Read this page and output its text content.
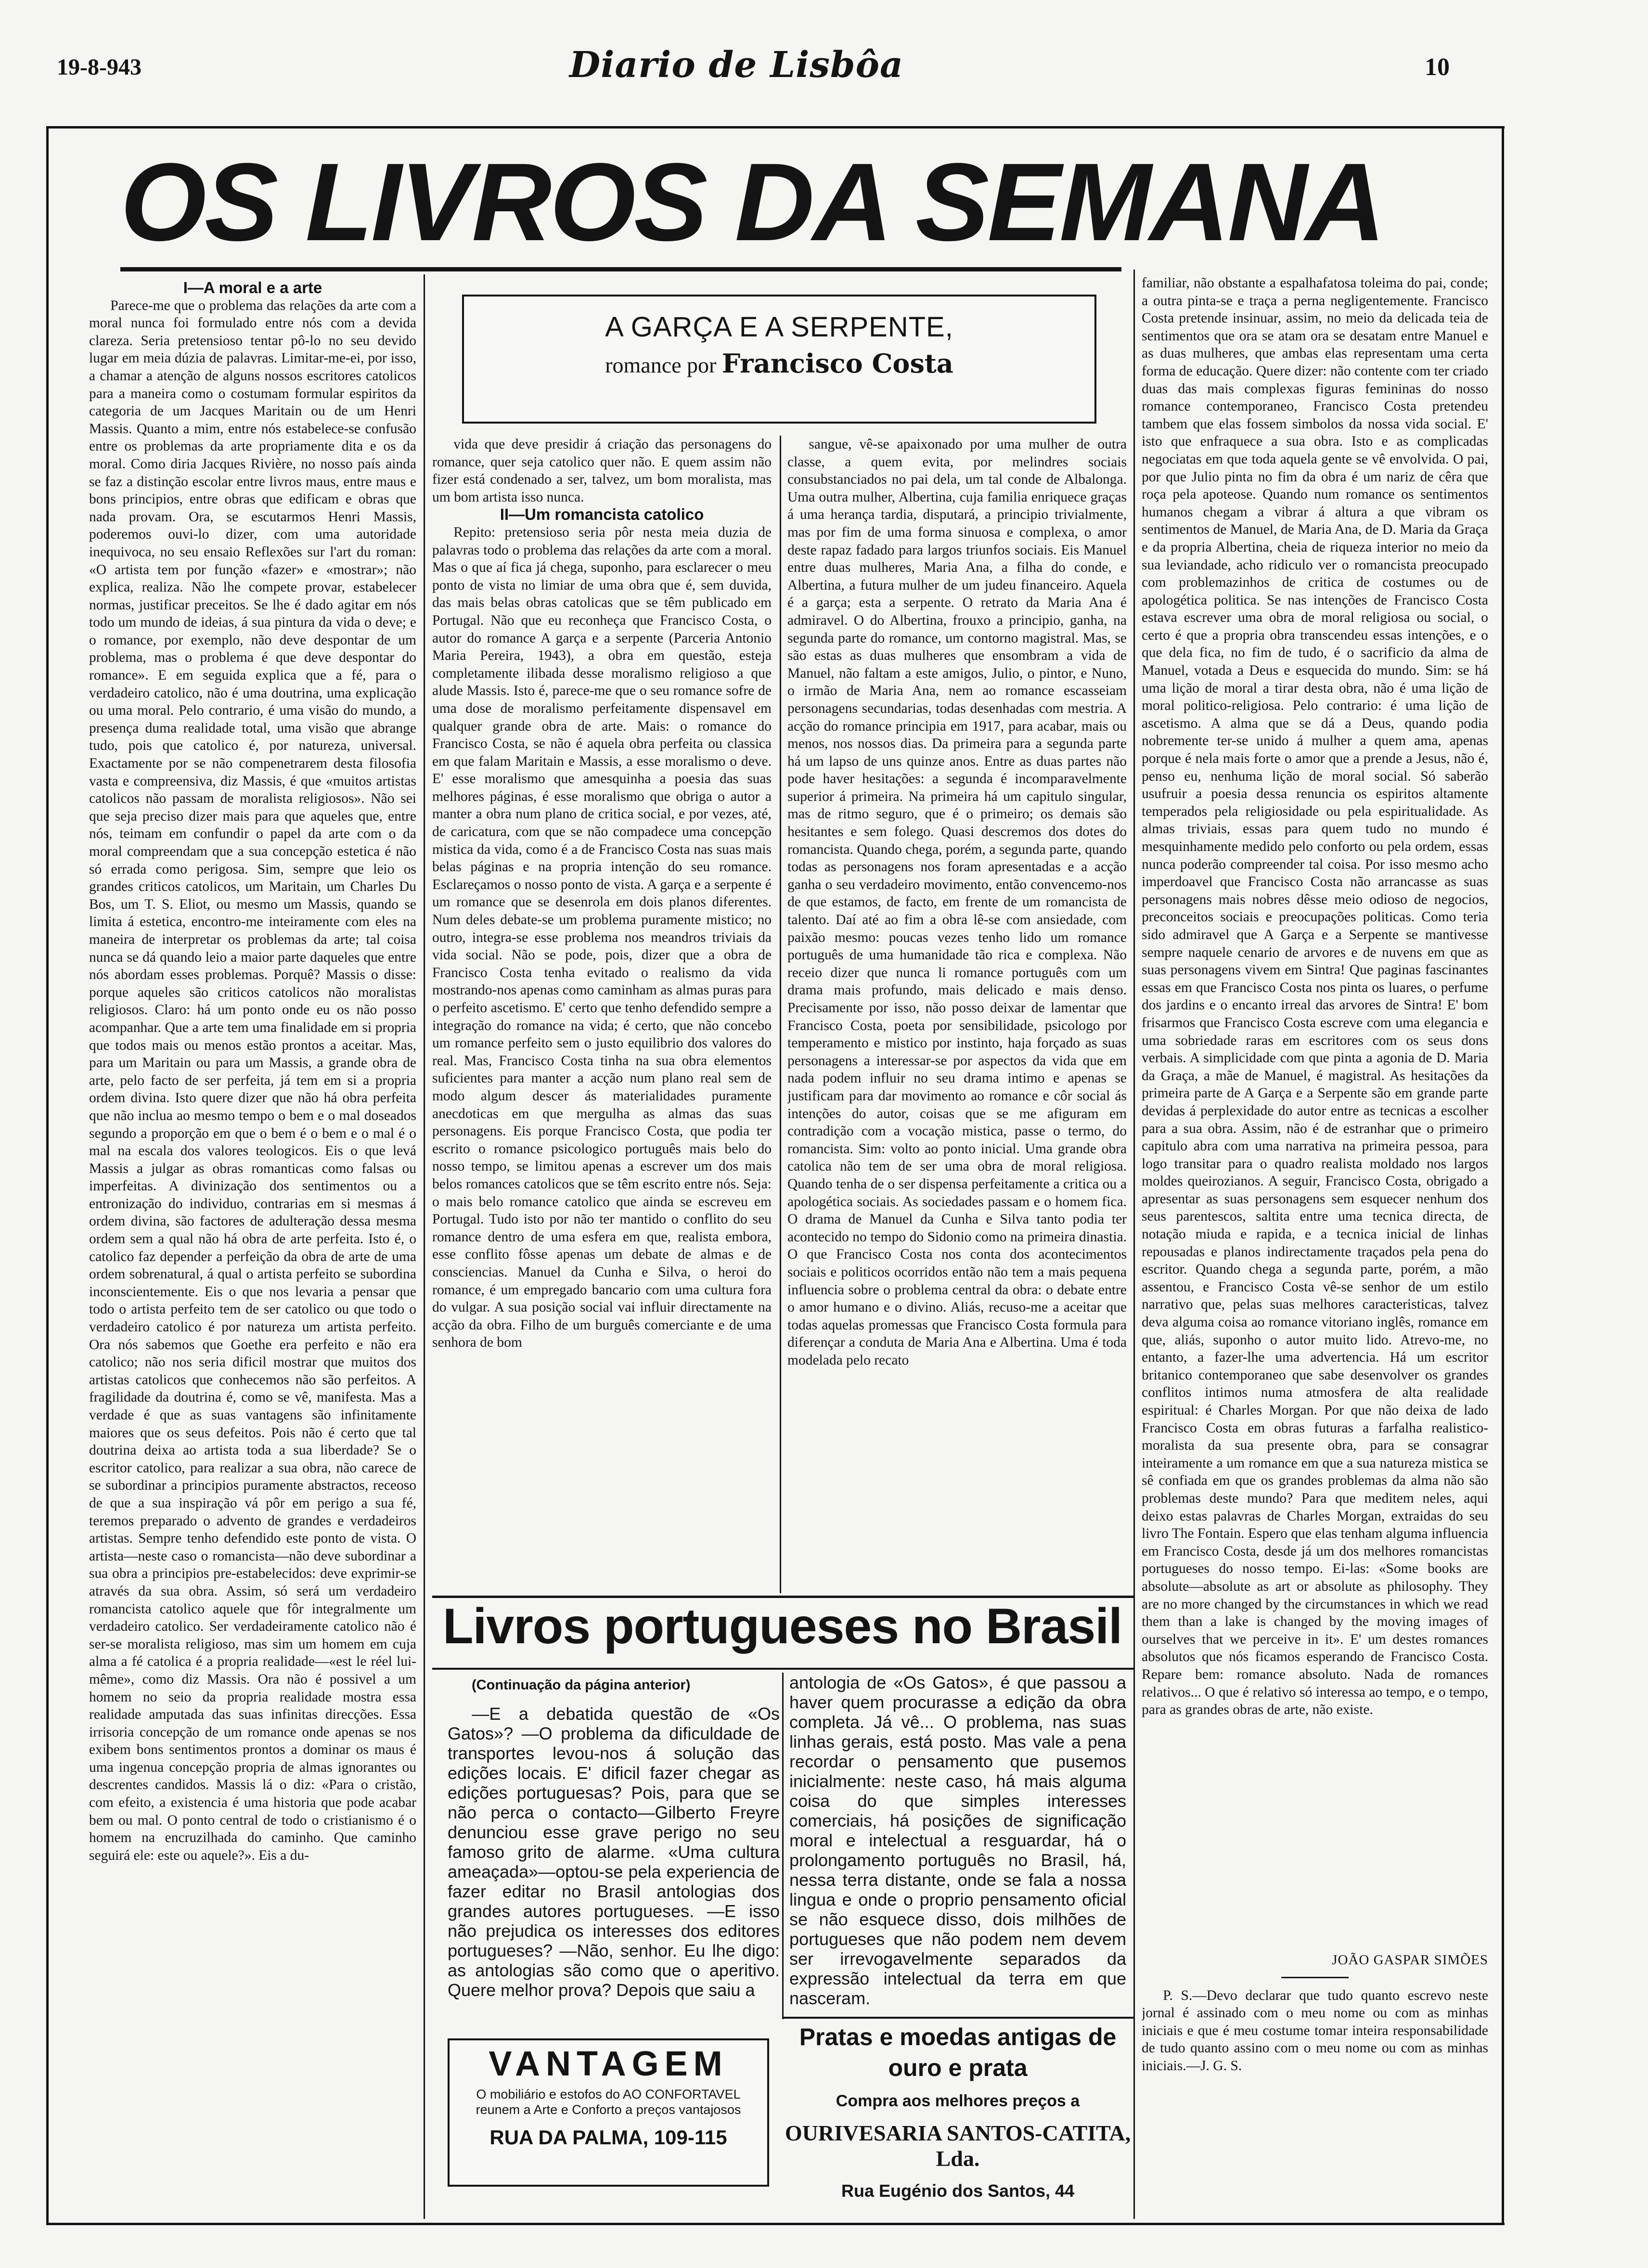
19-8-943	Diario de Lisbôa	10
OS LIVROS DA SEMANA
A GARÇA E A SERPENTE,
romance por Francisco Costa

I—A moral e a arte

Parece-me que o problema das relações da arte com a moral nunca foi formulado entre nós com a devida clareza. Seria pretensioso tentar pô-lo no seu devido lugar em meia dúzia de palavras. Limitar-me-ei, por isso, a chamar a atenção de alguns nossos escritores catolicos para a maneira como o costumam formular espiritos da categoria de um Jacques Maritain ou de um Henri Massis. Quanto a mim, entre nós estabelece-se confusão entre os problemas da arte propriamente dita e os da moral. Como diria Jacques Rivière, no nosso país ainda se faz a distinção escolar entre livros maus, entre maus e bons principios, entre obras que edificam e obras que nada provam. Ora, se escutarmos Henri Massis, poderemos ouvi-lo dizer, com uma autoridade inequivoca, no seu ensaio Reflexões sur l'art du roman: «O artista tem por função «fazer» e «mostrar»; não explica, realiza. Não lhe compete provar, estabelecer normas, justificar preceitos. Se lhe é dado agitar em nós todo um mundo de ideias, á sua pintura da vida o deve; e o romance, por exemplo, não deve despontar de um problema, mas o problema é que deve despontar do romance». E em seguida explica que a fé, para o verdadeiro catolico, não é uma doutrina, uma explicação ou uma moral. Pelo contrario, é uma visão do mundo, a presença duma realidade total, uma visão que abrange tudo, pois que catolico é, por natureza, universal. Exactamente por se não compenetrarem desta filosofia vasta e compreensiva, diz Massis, é que «muitos artistas catolicos não passam de moralista religiosos». Não sei que seja preciso dizer mais para que aqueles que, entre nós, teimam em confundir o papel da arte com o da moral compreendam que a sua concepção estetica é não só errada como perigosa. Sim, sempre que leio os grandes criticos catolicos, um Maritain, um Charles Du Bos, um T. S. Eliot, ou mesmo um Massis, quando se limita á estetica, encontro-me inteiramente com eles na maneira de interpretar os problemas da arte; tal coisa nunca se dá quando leio a maior parte daqueles que entre nós abordam esses problemas. Porquê? Massis o disse: porque aqueles são criticos catolicos não moralistas religiosos. Claro: há um ponto onde eu os não posso acompanhar. Que a arte tem uma finalidade em si propria que todos mais ou menos estão prontos a aceitar. Mas, para um Maritain ou para um Massis, a grande obra de arte, pelo facto de ser perfeita, já tem em si a propria ordem divina. Isto quere dizer que não há obra perfeita que não inclua ao mesmo tempo o bem e o mal doseados segundo a proporção em que o bem é o bem e o mal é o mal na escala dos valores teologicos. Eis o que levá Massis a julgar as obras romanticas como falsas ou imperfeitas. A divinização dos sentimentos ou a entronização do individuo, contrarias em si mesmas á ordem divina, são factores de adulteração dessa mesma ordem sem a qual não há obra de arte perfeita. Isto é, o catolico faz depender a perfeição da obra de arte de uma ordem sobrenatural, á qual o artista perfeito se subordina inconscientemente. Eis o que nos levaria a pensar que todo o artista perfeito tem de ser catolico ou que todo o verdadeiro catolico é por natureza um artista perfeito. Ora nós sabemos que Goethe era perfeito e não era catolico; não nos seria dificil mostrar que muitos dos artistas catolicos que conhecemos não são perfeitos. A fragilidade da doutrina é, como se vê, manifesta. Mas a verdade é que as suas vantagens são infinitamente maiores que os seus defeitos. Pois não é certo que tal doutrina deixa ao artista toda a sua liberdade? Se o escritor catolico, para realizar a sua obra, não carece de se subordinar a principios puramente abstractos, receoso de que a sua inspiração vá pôr em perigo a sua fé, teremos preparado o advento de grandes e verdadeiros artistas. Sempre tenho defendido este ponto de vista. O artista—neste caso o romancista—não deve subordinar a sua obra a principios pre-estabelecidos: deve exprimir-se através da sua obra. Assim, só será um verdadeiro romancista catolico aquele que fôr integralmente um verdadeiro catolico. Ser verdadeiramente catolico não é ser-se moralista religioso, mas sim um homem em cuja alma a fé catolica é a propria realidade—«est le réel lui-même», como diz Massis. Ora não é possivel a um homem no seio da propria realidade mostra essa realidade amputada das suas infinitas direcções. Essa irrisoria concepção de um romance onde apenas se nos exibem bons sentimentos prontos a dominar os maus é uma ingenua concepção propria de almas ignorantes ou descrentes candidos. Massis lá o diz: «Para o cristão, com efeito, a existencia é uma historia que pode acabar bem ou mal. O ponto central de todo o cristianismo é o homem na encruzilhada do caminho. Que caminho seguirá ele: este ou aquele?». Eis a du-

vida que deve presidir á criação das personagens do romance, quer seja catolico quer não. E quem assim não fizer está condenado a ser, talvez, um bom moralista, mas um bom artista isso nunca.

II—Um romancista catolico

Repito: pretensioso seria pôr nesta meia duzia de palavras todo o problema das relações da arte com a moral. Mas o que aí fica já chega, suponho, para esclarecer o meu ponto de vista no limiar de uma obra que é, sem duvida, das mais belas obras catolicas que se têm publicado em Portugal. Não que eu reconheça que Francisco Costa, o autor do romance A garça e a serpente (Parceria Antonio Maria Pereira, 1943), a obra em questão, esteja completamente ilibada desse moralismo religioso a que alude Massis. Isto é, parece-me que o seu romance sofre de uma dose de moralismo perfeitamente dispensavel em qualquer grande obra de arte. Mais: o romance do Francisco Costa, se não é aquela obra perfeita ou classica em que falam Maritain e Massis, a esse moralismo o deve. E' esse moralismo que amesquinha a poesia das suas melhores páginas, é esse moralismo que obriga o autor a manter a obra num plano de critica social, e por vezes, até, de caricatura, com que se não compadece uma concepção mistica da vida, como é a de Francisco Costa nas suas mais belas páginas e na propria intenção do seu romance. Esclareçamos o nosso ponto de vista. A garça e a serpente é um romance que se desenrola em dois planos diferentes. Num deles debate-se um problema puramente mistico; no outro, integra-se esse problema nos meandros triviais da vida social. Não se pode, pois, dizer que a obra de Francisco Costa tenha evitado o realismo da vida mostrando-nos apenas como caminham as almas puras para o perfeito ascetismo. E' certo que tenho defendido sempre a integração do romance na vida; é certo, que não concebo um romance perfeito sem o justo equilibrio dos valores do real. Mas, Francisco Costa tinha na sua obra elementos suficientes para manter a acção num plano real sem de modo algum descer ás materialidades puramente anecdoticas em que mergulha as almas das suas personagens. Eis porque Francisco Costa, que podia ter escrito o romance psicologico português mais belo do nosso tempo, se limitou apenas a escrever um dos mais belos romances catolicos que se têm escrito entre nós. Seja: o mais belo romance catolico que ainda se escreveu em Portugal. Tudo isto por não ter mantido o conflito do seu romance dentro de uma esfera em que, realista embora, esse conflito fôsse apenas um debate de almas e de consciencias. Manuel da Cunha e Silva, o heroi do romance, é um empregado bancario com uma cultura fora do vulgar. A sua posição social vai influir directamente na acção da obra. Filho de um burguês comerciante e de uma senhora de bom

sangue, vê-se apaixonado por uma mulher de outra classe, a quem evita, por melindres sociais consubstanciados no pai dela, um tal conde de Albalonga. Uma outra mulher, Albertina, cuja familia enriquece graças á uma herança tardia, disputará, a principio trivialmente, mas por fim de uma forma sinuosa e complexa, o amor deste rapaz fadado para largos triunfos sociais. Eis Manuel entre duas mulheres, Maria Ana, a filha do conde, e Albertina, a futura mulher de um judeu financeiro. Aquela é a garça; esta a serpente. O retrato da Maria Ana é admiravel. O do Albertina, frouxo a principio, ganha, na segunda parte do romance, um contorno magistral. Mas, se são estas as duas mulheres que ensombram a vida de Manuel, não faltam a este amigos, Julio, o pintor, e Nuno, o irmão de Maria Ana, nem ao romance escasseiam personagens secundarias, todas desenhadas com mestria. A acção do romance principia em 1917, para acabar, mais ou menos, nos nossos dias. Da primeira para a segunda parte há um lapso de uns quinze anos. Entre as duas partes não pode haver hesitações: a segunda é incomparavelmente superior á primeira. Na primeira há um capitulo singular, mas de ritmo seguro, que é o primeiro; os demais são hesitantes e sem folego. Quasi descremos dos dotes do romancista. Quando chega, porém, a segunda parte, quando todas as personagens nos foram apresentadas e a acção ganha o seu verdadeiro movimento, então convencemo-nos de que estamos, de facto, em frente de um romancista de talento. Daí até ao fim a obra lê-se com ansiedade, com paixão mesmo: poucas vezes tenho lido um romance português de uma humanidade tão rica e complexa. Não receio dizer que nunca li romance português com um drama mais profundo, mais delicado e mais denso. Precisamente por isso, não posso deixar de lamentar que Francisco Costa, poeta por sensibilidade, psicologo por temperamento e mistico por instinto, haja forçado as suas personagens a interessar-se por aspectos da vida que em nada podem influir no seu drama intimo e apenas se justificam para dar movimento ao romance e côr social ás intenções do autor, coisas que se me afiguram em contradição com a vocação mistica, passe o termo, do romancista. Sim: volto ao ponto inicial. Uma grande obra catolica não tem de ser uma obra de moral religiosa. Quando tenha de o ser dispensa perfeitamente a critica ou a apologética sociais. As sociedades passam e o homem fica. O drama de Manuel da Cunha e Silva tanto podia ter acontecido no tempo do Sidonio como na primeira dinastia. O que Francisco Costa nos conta dos acontecimentos sociais e politicos ocorridos então não tem a mais pequena influencia sobre o problema central da obra: o debate entre o amor humano e o divino. Aliás, recuso-me a aceitar que todas aquelas promessas que Francisco Costa formula para diferençar a conduta de Maria Ana e Albertina. Uma é toda modelada pelo recato

familiar, não obstante a espalhafatosa toleima do pai, conde; a outra pinta-se e traça a perna negligentemente. Francisco Costa pretende insinuar, assim, no meio da delicada teia de sentimentos que ora se atam ora se desatam entre Manuel e as duas mulheres, que ambas elas representam uma certa forma de educação. Quere dizer: não contente com ter criado duas das mais complexas figuras femininas do nosso romance contemporaneo, Francisco Costa pretendeu tambem que elas fossem simbolos da nossa vida social. E' isto que enfraquece a sua obra. Isto e as complicadas negociatas em que toda aquela gente se vê envolvida. O pai, por que Julio pinta no fim da obra é um nariz de cêra que roça pela apoteose. Quando num romance os sentimentos humanos chegam a vibrar á altura a que vibram os sentimentos de Manuel, de Maria Ana, de D. Maria da Graça e da propria Albertina, cheia de riqueza interior no meio da sua leviandade, acho ridiculo ver o romancista preocupado com problemazinhos de critica de costumes ou de apologética politica. Se nas intenções de Francisco Costa estava escrever uma obra de moral religiosa ou social, o certo é que a propria obra transcendeu essas intenções, e o que dela fica, no fim de tudo, é o sacrificio da alma de Manuel, votada a Deus e esquecida do mundo. Sim: se há uma lição de moral a tirar desta obra, não é uma lição de moral politico-religiosa. Pelo contrario: é uma lição de ascetismo. A alma que se dá a Deus, quando podia nobremente ter-se unido á mulher a quem ama, apenas porque é nela mais forte o amor que a prende a Jesus, não é, penso eu, nenhuma lição de moral social. Só saberão usufruir a poesia dessa renuncia os espiritos altamente temperados pela religiosidade ou pela espiritualidade. As almas triviais, essas para quem tudo no mundo é mesquinhamente medido pelo conforto ou pela ordem, essas nunca poderão compreender tal coisa. Por isso mesmo acho imperdoavel que Francisco Costa não arrancasse as suas personagens mais nobres dêsse meio odioso de negocios, preconceitos sociais e preocupações politicas. Como teria sido admiravel que A Garça e a Serpente se mantivesse sempre naquele cenario de arvores e de nuvens em que as suas personagens vivem em Sintra! Que paginas fascinantes essas em que Francisco Costa nos pinta os luares, o perfume dos jardins e o encanto irreal das arvores de Sintra! E' bom frisarmos que Francisco Costa escreve com uma elegancia e uma sobriedade raras em escritores com os seus dons verbais. A simplicidade com que pinta a agonia de D. Maria da Graça, a mãe de Manuel, é magistral. As hesitações da primeira parte de A Garça e a Serpente são em grande parte devidas á perplexidade do autor entre as tecnicas a escolher para a sua obra. Assim, não é de estranhar que o primeiro capitulo abra com uma narrativa na primeira pessoa, para logo transitar para o quadro realista moldado nos largos moldes queirozianos. A seguir, Francisco Costa, obrigado a apresentar as suas personagens sem esquecer nenhum dos seus parentescos, saltita entre uma tecnica directa, de notação miuda e rapida, e a tecnica inicial de linhas repousadas e planos indirectamente traçados pela pena do escritor. Quando chega a segunda parte, porém, a mão assentou, e Francisco Costa vê-se senhor de um estilo narrativo que, pelas suas melhores caracteristicas, talvez deva alguma coisa ao romance vitoriano inglês, romance em que, aliás, suponho o autor muito lido. Atrevo-me, no entanto, a fazer-lhe uma advertencia. Há um escritor britanico contemporaneo que sabe desenvolver os grandes conflitos intimos numa atmosfera de alta realidade espiritual: é Charles Morgan. Por que não deixa de lado Francisco Costa em obras futuras a farfalha realistico-moralista da sua presente obra, para se consagrar inteiramente a um romance em que a sua natureza mistica se sê confiada em que os grandes problemas da alma não são problemas deste mundo? Para que meditem neles, aqui deixo estas palavras de Charles Morgan, extraidas do seu livro The Fontain. Espero que elas tenham alguma influencia em Francisco Costa, desde já um dos melhores romancistas portugueses do nosso tempo. Ei-las: «Some books are absolute—absolute as art or absolute as philosophy. They are no more changed by the circumstances in which we read them than a lake is changed by the moving images of ourselves that we perceive in it». E' um destes romances absolutos que nós ficamos esperando de Francisco Costa. Repare bem: romance absoluto. Nada de romances relativos... O que é relativo só interessa ao tempo, e o tempo, para as grandes obras de arte, não existe.

JOÃO GASPAR SIMÕES

P. S.—Devo declarar que tudo quanto escrevo neste jornal é assinado com o meu nome ou com as minhas iniciais e que é meu costume tomar inteira responsabilidade de tudo quanto assino com o meu nome ou com as minhas iniciais.—J. G. S.

Livros portugueses no Brasil
(Continuação da página anterior)

—E a debatida questão de «Os Gatos»? —O problema da dificuldade de transportes levou-nos á solução das edições locais. E' dificil fazer chegar as edições portuguesas? Pois, para que se não perca o contacto—Gilberto Freyre denunciou esse grave perigo no seu famoso grito de alarme. «Uma cultura ameaçada»—optou-se pela experiencia de fazer editar no Brasil antologias dos grandes autores portugueses. —E isso não prejudica os interesses dos editores portugueses? —Não, senhor. Eu lhe digo: as antologias são como que o aperitivo. Quere melhor prova? Depois que saiu a

antologia de «Os Gatos», é que passou a haver quem procurasse a edição da obra completa. Já vê... O problema, nas suas linhas gerais, está posto. Mas vale a pena recordar o pensamento que pusemos inicialmente: neste caso, há mais alguma coisa do que simples interesses comerciais, há posições de significação moral e intelectual a resguardar, há o prolongamento português no Brasil, há, nessa terra distante, onde se fala a nossa lingua e onde o proprio pensamento oficial se não esquece disso, dois milhões de portugueses que não podem nem devem ser irrevogavelmente separados da expressão intelectual da terra em que nasceram.

VANTAGEM
O mobiliário e estofos do AO CONFORTAVEL reunem a Arte e Conforto a preços vantajosos
RUA DA PALMA, 109-115
Pratas e moedas antigas de ouro e prata
Compra aos melhores preços a
OURIVESARIA SANTOS-CATITA, Lda.
Rua Eugénio dos Santos, 44
